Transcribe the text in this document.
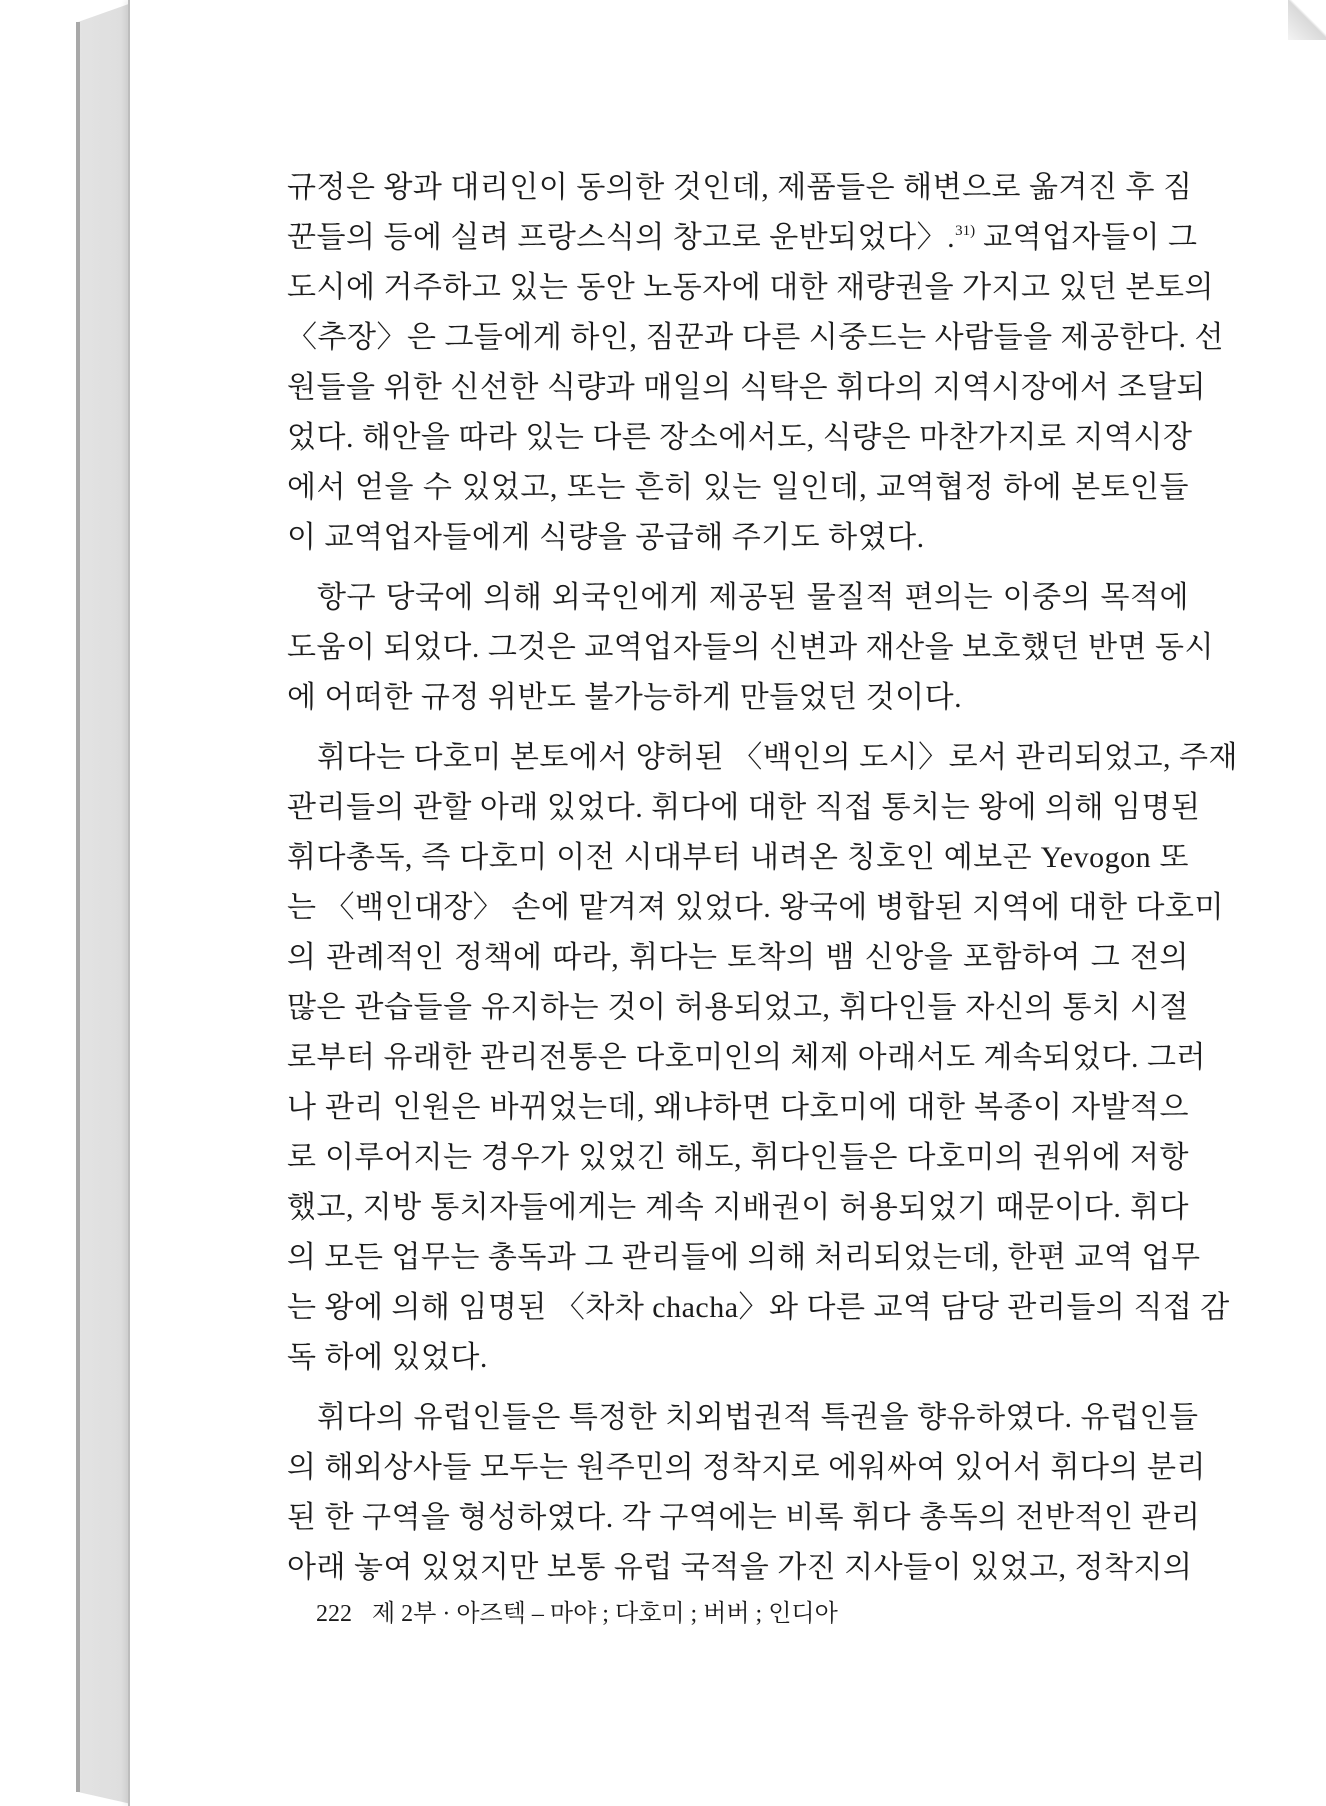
규정은 왕과 대리인이 동의한 것인데, 제품들은 해변으로 옮겨진 후 짐
꾼들의 등에 실려 프랑스식의 창고로 운반되었다〉.$^{31)}$ 교역업자들이 그
도시에 거주하고 있는 동안 노동자에 대한 재량권을 가지고 있던 본토의
〈추장〉은 그들에게 하인, 짐꾼과 다른 시중드는 사람들을 제공한다. 선
원들을 위한 신선한 식량과 매일의 식탁은 휘다의 지역시장에서 조달되
었다. 해안을 따라 있는 다른 장소에서도, 식량은 마찬가지로 지역시장
에서 얻을 수 있었고, 또는 흔히 있는 일인데, 교역협정 하에 본토인들
이 교역업자들에게 식량을 공급해 주기도 하였다.
항구 당국에 의해 외국인에게 제공된 물질적 편의는 이중의 목적에
도움이 되었다. 그것은 교역업자들의 신변과 재산을 보호했던 반면 동시
에 어떠한 규정 위반도 불가능하게 만들었던 것이다.
휘다는 다호미 본토에서 양허된 〈백인의 도시〉로서 관리되었고, 주재
관리들의 관할 아래 있었다. 휘다에 대한 직접 통치는 왕에 의해 임명된
휘다총독, 즉 다호미 이전 시대부터 내려온 칭호인 예보곤 Yevogon 또
는 〈백인대장〉 손에 맡겨져 있었다. 왕국에 병합된 지역에 대한 다호미
의 관례적인 정책에 따라, 휘다는 토착의 뱀 신앙을 포함하여 그 전의
많은 관습들을 유지하는 것이 허용되었고, 휘다인들 자신의 통치 시절
로부터 유래한 관리전통은 다호미인의 체제 아래서도 계속되었다. 그러
나 관리 인원은 바뀌었는데, 왜냐하면 다호미에 대한 복종이 자발적으
로 이루어지는 경우가 있었긴 해도, 휘다인들은 다호미의 권위에 저항
했고, 지방 통치자들에게는 계속 지배권이 허용되었기 때문이다. 휘다
의 모든 업무는 총독과 그 관리들에 의해 처리되었는데, 한편 교역 업무
는 왕에 의해 임명된 〈차차 chacha〉와 다른 교역 담당 관리들의 직접 감
독 하에 있었다.
휘다의 유럽인들은 특정한 치외법권적 특권을 향유하였다. 유럽인들
의 해외상사들 모두는 원주민의 정착지로 에워싸여 있어서 휘다의 분리
된 한 구역을 형성하였다. 각 구역에는 비록 휘다 총독의 전반적인 관리
아래 놓여 있었지만 보통 유럽 국적을 가진 지사들이 있었고, 정착지의
222 제 2부 · 아즈텍 – 마야 ; 다호미 ; 버버 ; 인디아
